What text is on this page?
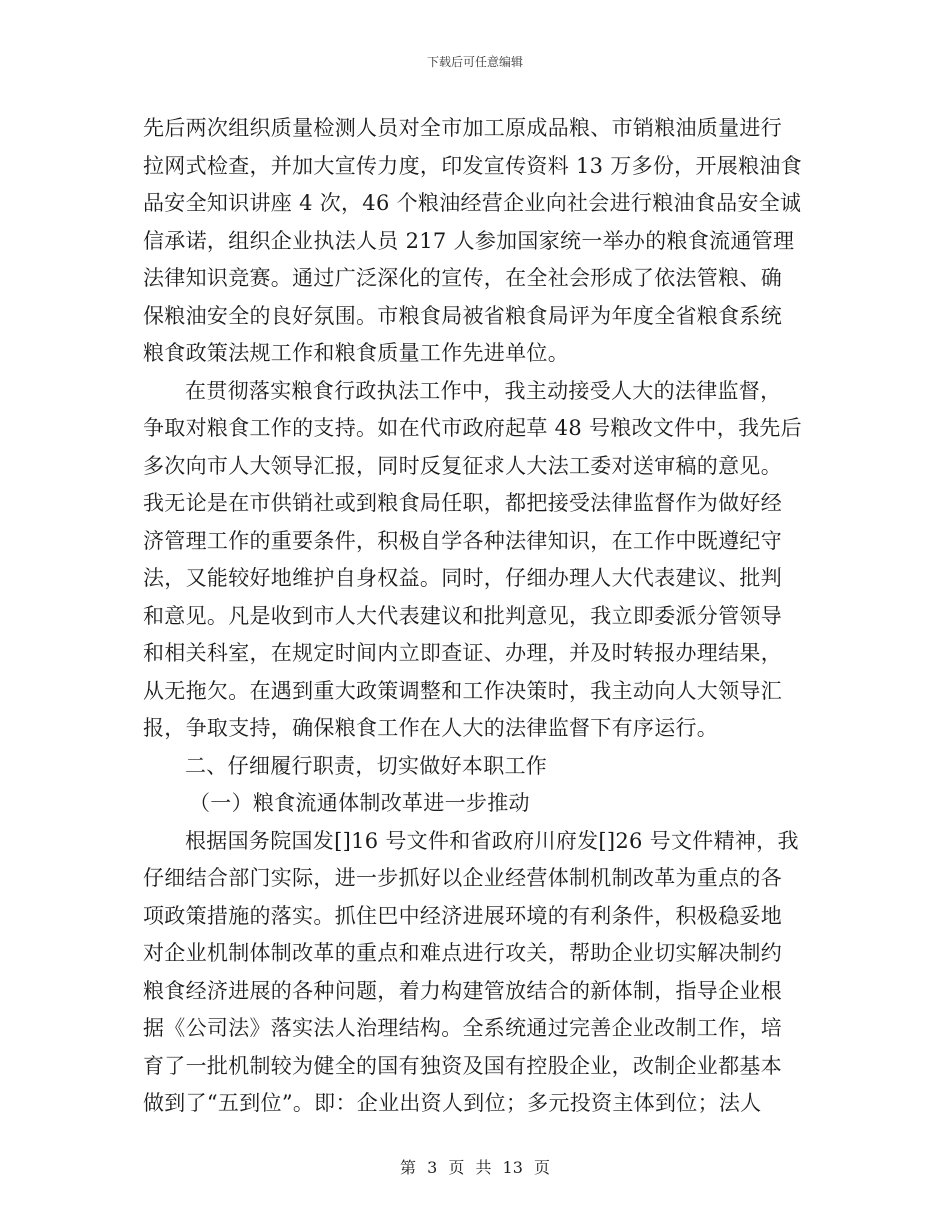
下载后可任意编辑
先后两次组织质量检测人员对全市加工原成品粮、市销粮油质量进行
拉网式检查，并加大宣传力度，印发宣传资料 13 万多份，开展粮油食
品安全知识讲座 4 次，46 个粮油经营企业向社会进行粮油食品安全诚
信承诺，组织企业执法人员 217 人参加国家统一举办的粮食流通管理
法律知识竞赛。通过广泛深化的宣传，在全社会形成了依法管粮、确
保粮油安全的良好氛围。市粮食局被省粮食局评为年度全省粮食系统
粮食政策法规工作和粮食质量工作先进单位。
在贯彻落实粮食行政执法工作中，我主动接受人大的法律监督，
争取对粮食工作的支持。如在代市政府起草 48 号粮改文件中，我先后
多次向市人大领导汇报，同时反复征求人大法工委对送审稿的意见。
我无论是在市供销社或到粮食局任职，都把接受法律监督作为做好经
济管理工作的重要条件，积极自学各种法律知识，在工作中既遵纪守
法，又能较好地维护自身权益。同时，仔细办理人大代表建议、批判
和意见。凡是收到市人大代表建议和批判意见，我立即委派分管领导
和相关科室，在规定时间内立即查证、办理，并及时转报办理结果，
从无拖欠。在遇到重大政策调整和工作决策时，我主动向人大领导汇
报，争取支持，确保粮食工作在人大的法律监督下有序运行。
二、仔细履行职责，切实做好本职工作
（一）粮食流通体制改革进一步推动
根据国务院国发[]16 号文件和省政府川府发[]26 号文件精神，我
仔细结合部门实际，进一步抓好以企业经营体制机制改革为重点的各
项政策措施的落实。抓住巴中经济进展环境的有利条件，积极稳妥地
对企业机制体制改革的重点和难点进行攻关，帮助企业切实解决制约
粮食经济进展的各种问题，着力构建管放结合的新体制，指导企业根
据《公司法》落实法人治理结构。全系统通过完善企业改制工作，培
育了一批机制较为健全的国有独资及国有控股企业，改制企业都基本
做到了“五到位”。即：企业出资人到位；多元投资主体到位；法人
第 3 页 共 13 页
